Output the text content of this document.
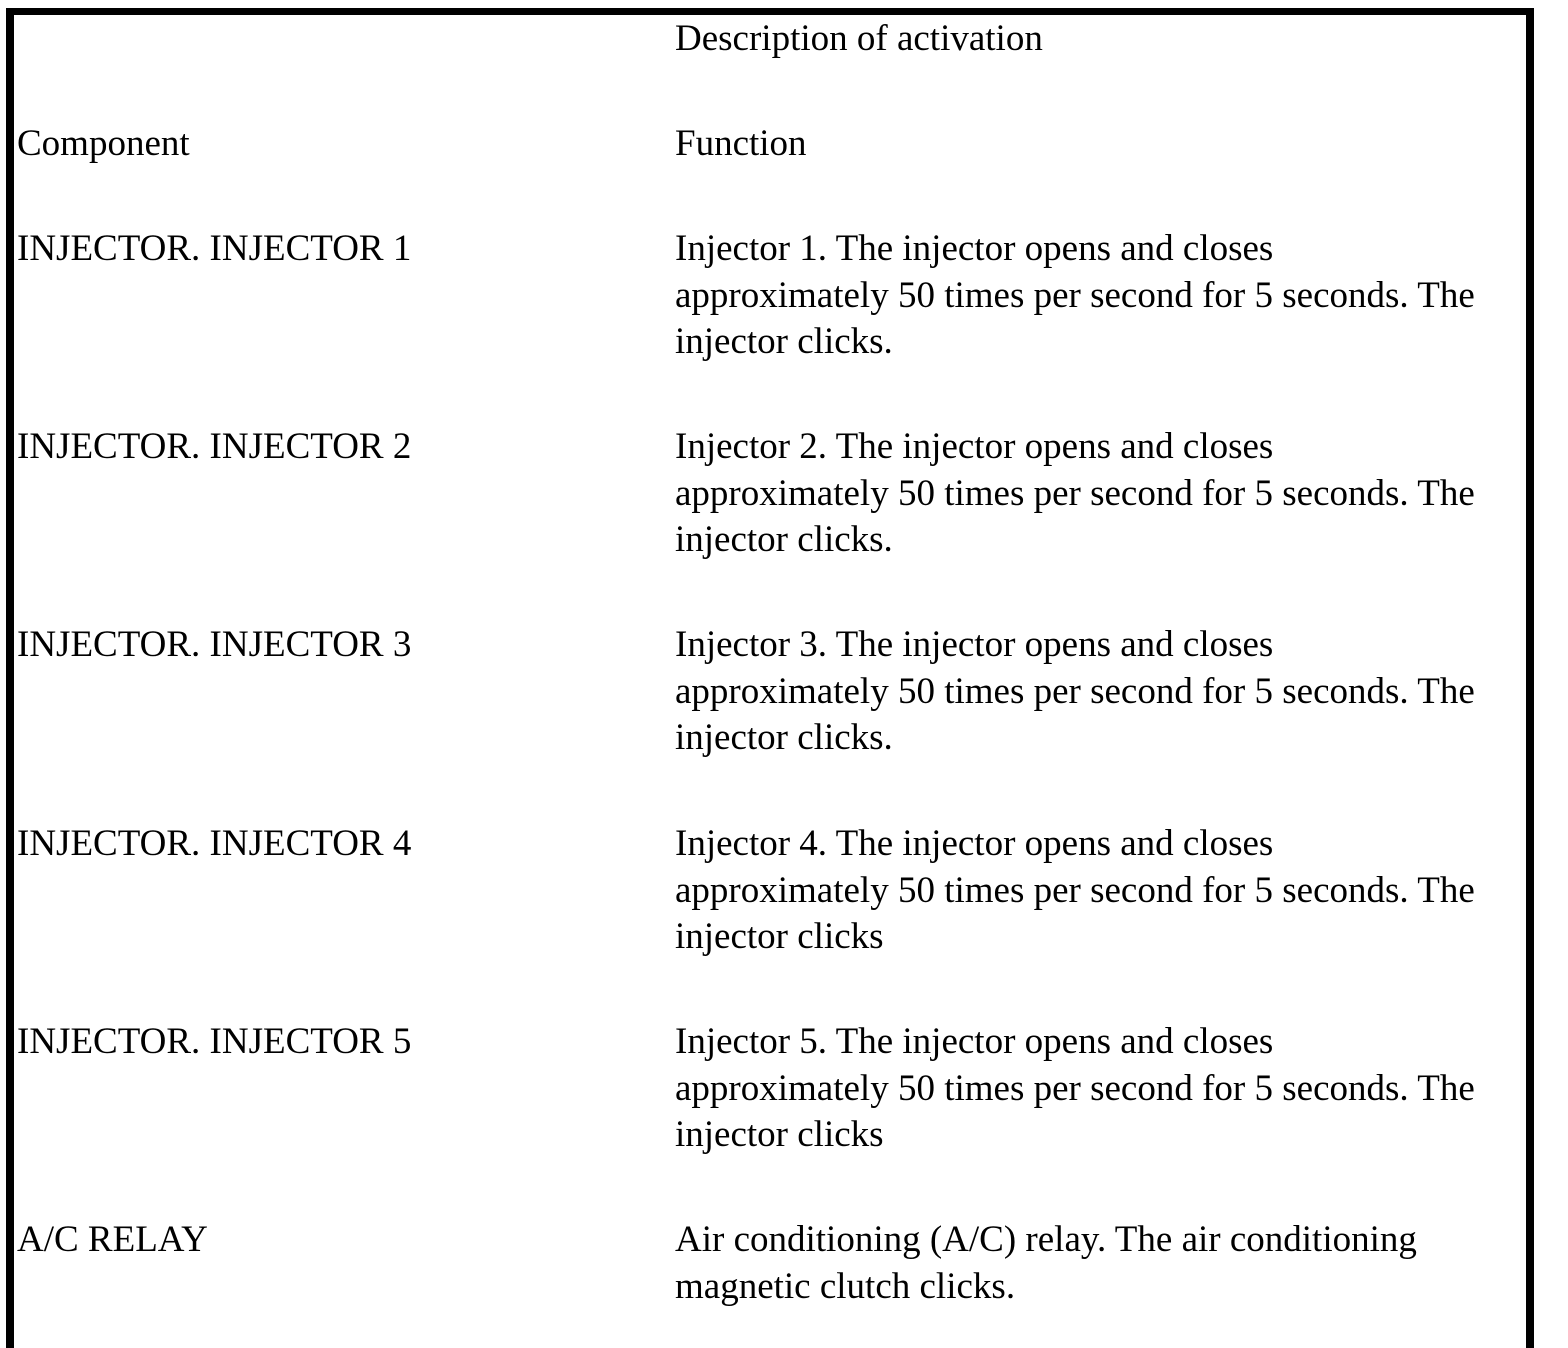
Description of activation
Component	Function
INJECTOR. INJECTOR 1	Injector 1. The injector opens and closes
approximately 50 times per second for 5 seconds. The
injector clicks.
INJECTOR. INJECTOR 2	Injector 2. The injector opens and closes
approximately 50 times per second for 5 seconds. The
injector clicks.
INJECTOR. INJECTOR 3	Injector 3. The injector opens and closes
approximately 50 times per second for 5 seconds. The
injector clicks.
INJECTOR. INJECTOR 4	Injector 4. The injector opens and closes
approximately 50 times per second for 5 seconds. The
injector clicks
INJECTOR. INJECTOR 5	Injector 5. The injector opens and closes
approximately 50 times per second for 5 seconds. The
injector clicks
A/C RELAY	Air conditioning (A/C) relay. The air conditioning
magnetic clutch clicks.
